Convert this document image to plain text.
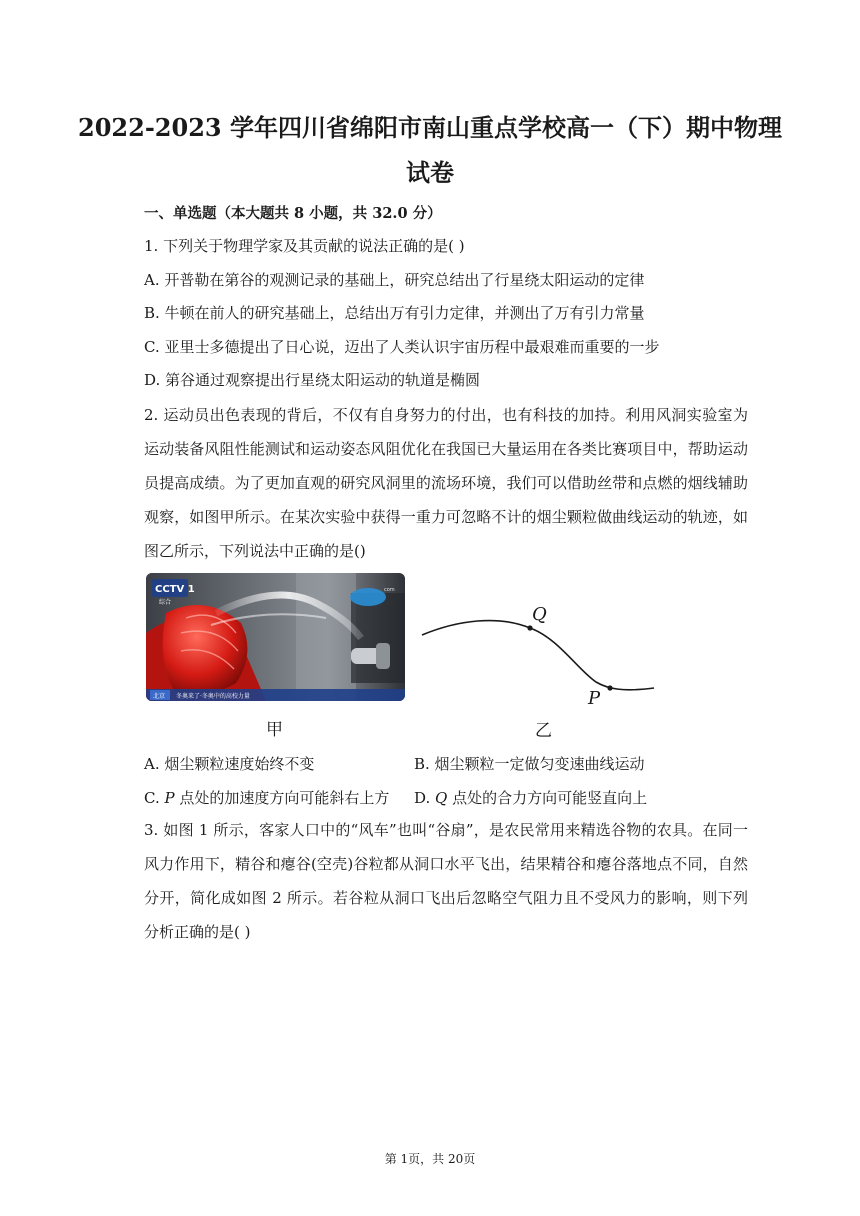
2022-2023 学年四川省绵阳市南山重点学校高一（下）期中物理
试卷
一、单选题（本大题共 8 小题，共 32.0 分）
1. 下列关于物理学家及其贡献的说法正确的是( )
A. 开普勒在第谷的观测记录的基础上，研究总结出了行星绕太阳运动的定律
B. 牛顿在前人的研究基础上，总结出万有引力定律，并测出了万有引力常量
C. 亚里士多德提出了日心说，迈出了人类认识宇宙历程中最艰难而重要的一步
D. 第谷通过观察提出行星绕太阳运动的轨道是椭圆
2. 运动员出色表现的背后，不仅有自身努力的付出，也有科技的加持。利用风洞实验室为运动装备风阻性能测试和运动姿态风阻优化在我国已大量运用在各类比赛项目中，帮助运动员提高成绩。为了更加直观的研究风洞里的流场环境，我们可以借助丝带和点燃的烟线辅助观察，如图甲所示。在某次实验中获得一重力可忽略不计的烟尘颗粒做曲线运动的轨迹，如图乙所示，下列说法中正确的是()
CCTV 1
综合
com
北京 冬奥来了·冬奥中的高校力量
甲
Q
P
乙
A. 烟尘颗粒速度始终不变	B. 烟尘颗粒一定做匀变速曲线运动
C. P 点处的加速度方向可能斜右上方	D. Q 点处的合力方向可能竖直向上
3. 如图 1 所示，客家人口中的“风车”也叫“谷扇”，是农民常用来精选谷物的农具。在同一风力作用下，精谷和瘪谷(空壳)谷粒都从洞口水平飞出，结果精谷和瘪谷落地点不同，自然分开，简化成如图 2 所示。若谷粒从洞口飞出后忽略空气阻力且不受风力的影响，则下列分析正确的是( )
第 1页，共 20页
